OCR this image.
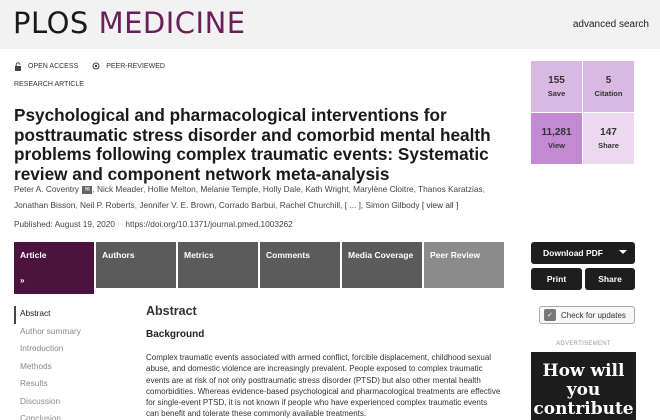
PLOS MEDICINE	advanced search
OPEN ACCESS	PEER-REVIEWED
RESEARCH ARTICLE
Psychological and pharmacological interventions for posttraumatic stress disorder and comorbid mental health problems following complex traumatic events: Systematic review and component network meta-analysis
Peter A. Coventry ✉ , Nick Meader, Hollie Melton, Melanie Temple, Holly Dale, Kath Wright, Marylène Cloitre, Thanos Karatzias, Jonathan Bisson, Neil P. Roberts, Jennifer V. E. Brown, Corrado Barbui, Rachel Churchill, [ ... ], Simon Gilbody [ view all ]
Published: August 19, 2020 https://doi.org/10.1371/journal.pmed.1003262
Article
»
Authors	Metrics	Comments	Media Coverage	Peer Review
155
Save
5
Citation
11,281
View
147
Share
Download PDF
Print	Share
✓	Check for updates
ADVERTISEMENT
How will you contribute
Abstract
Author summary
Introduction
Methods
Results
Discussion
Conclusion
Abstract
Background

Complex traumatic events associated with armed conflict, forcible displacement, childhood sexual abuse, and domestic violence are increasingly prevalent. People exposed to complex traumatic events are at risk of not only posttraumatic stress disorder (PTSD) but also other mental health comorbidities. Whereas evidence-based psychological and pharmacological treatments are effective for single-event PTSD, it is not known if people who have experienced complex traumatic events can benefit and tolerate these commonly available treatments.
